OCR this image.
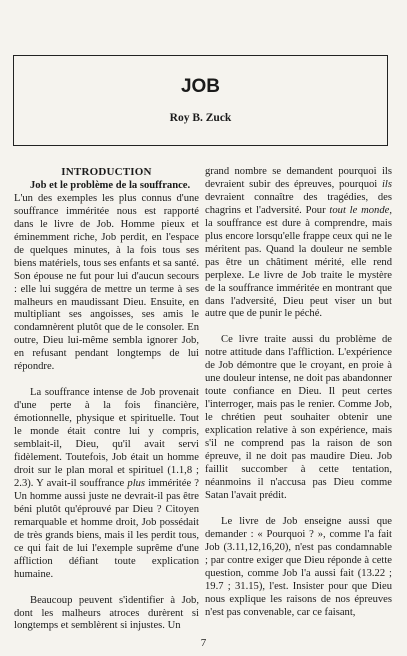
JOB
Roy B. Zuck
INTRODUCTION
Job et le problème de la souffrance.

L'un des exemples les plus connus d'une souffrance imméritée nous est rapporté dans le livre de Job. Homme pieux et éminemment riche, Job perdit, en l'espace de quelques minutes, à la fois tous ses biens matériels, tous ses enfants et sa santé. Son épouse ne fut pour lui d'aucun secours : elle lui suggéra de mettre un terme à ses malheurs en maudissant Dieu. Ensuite, en multipliant ses angoisses, ses amis le condamnèrent plutôt que de le consoler. En outre, Dieu lui-même sembla ignorer Job, en refusant pendant longtemps de lui répondre.

La souffrance intense de Job provenait d'une perte à la fois financière, émotionnelle, physique et spirituelle. Tout le monde était contre lui y compris, semblait-il, Dieu, qu'il avait servi fidèlement. Toutefois, Job était un homme droit sur le plan moral et spirituel (1.1,8 ; 2.3). Y avait-il souffrance plus imméritée ? Un homme aussi juste ne devrait-il pas être béni plutôt qu'éprouvé par Dieu ? Citoyen remarquable et homme droit, Job possédait de très grands biens, mais il les perdit tous, ce qui fait de lui l'exemple suprême d'une affliction défiant toute explication humaine.

Beaucoup peuvent s'identifier à Job, dont les malheurs atroces durèrent si longtemps et semblèrent si injustes. Un

grand nombre se demandent pourquoi ils devraient subir des épreuves, pourquoi ils devraient connaître des tragédies, des chagrins et l'adversité. Pour tout le monde, la souffrance est dure à comprendre, mais plus encore lorsqu'elle frappe ceux qui ne le méritent pas. Quand la douleur ne semble pas être un châtiment mérité, elle rend perplexe. Le livre de Job traite le mystère de la souffrance imméritée en montrant que dans l'adversité, Dieu peut viser un but autre que de punir le péché.

Ce livre traite aussi du problème de notre attitude dans l'affliction. L'expérience de Job démontre que le croyant, en proie à une douleur intense, ne doit pas abandonner toute confiance en Dieu. Il peut certes l'interroger, mais pas le renier. Comme Job, le chrétien peut souhaiter obtenir une explication relative à son expérience, mais s'il ne comprend pas la raison de son épreuve, il ne doit pas maudire Dieu. Job faillit succomber à cette tentation, néanmoins il n'accusa pas Dieu comme Satan l'avait prédit.

Le livre de Job enseigne aussi que demander : « Pourquoi ? », comme l'a fait Job (3.11,12,16,20), n'est pas condamnable ; par contre exiger que Dieu réponde à cette question, comme Job l'a aussi fait (13.22 ; 19.7 ; 31.15), l'est. Insister pour que Dieu nous explique les raisons de nos épreuves n'est pas convenable, car ce faisant,

7
